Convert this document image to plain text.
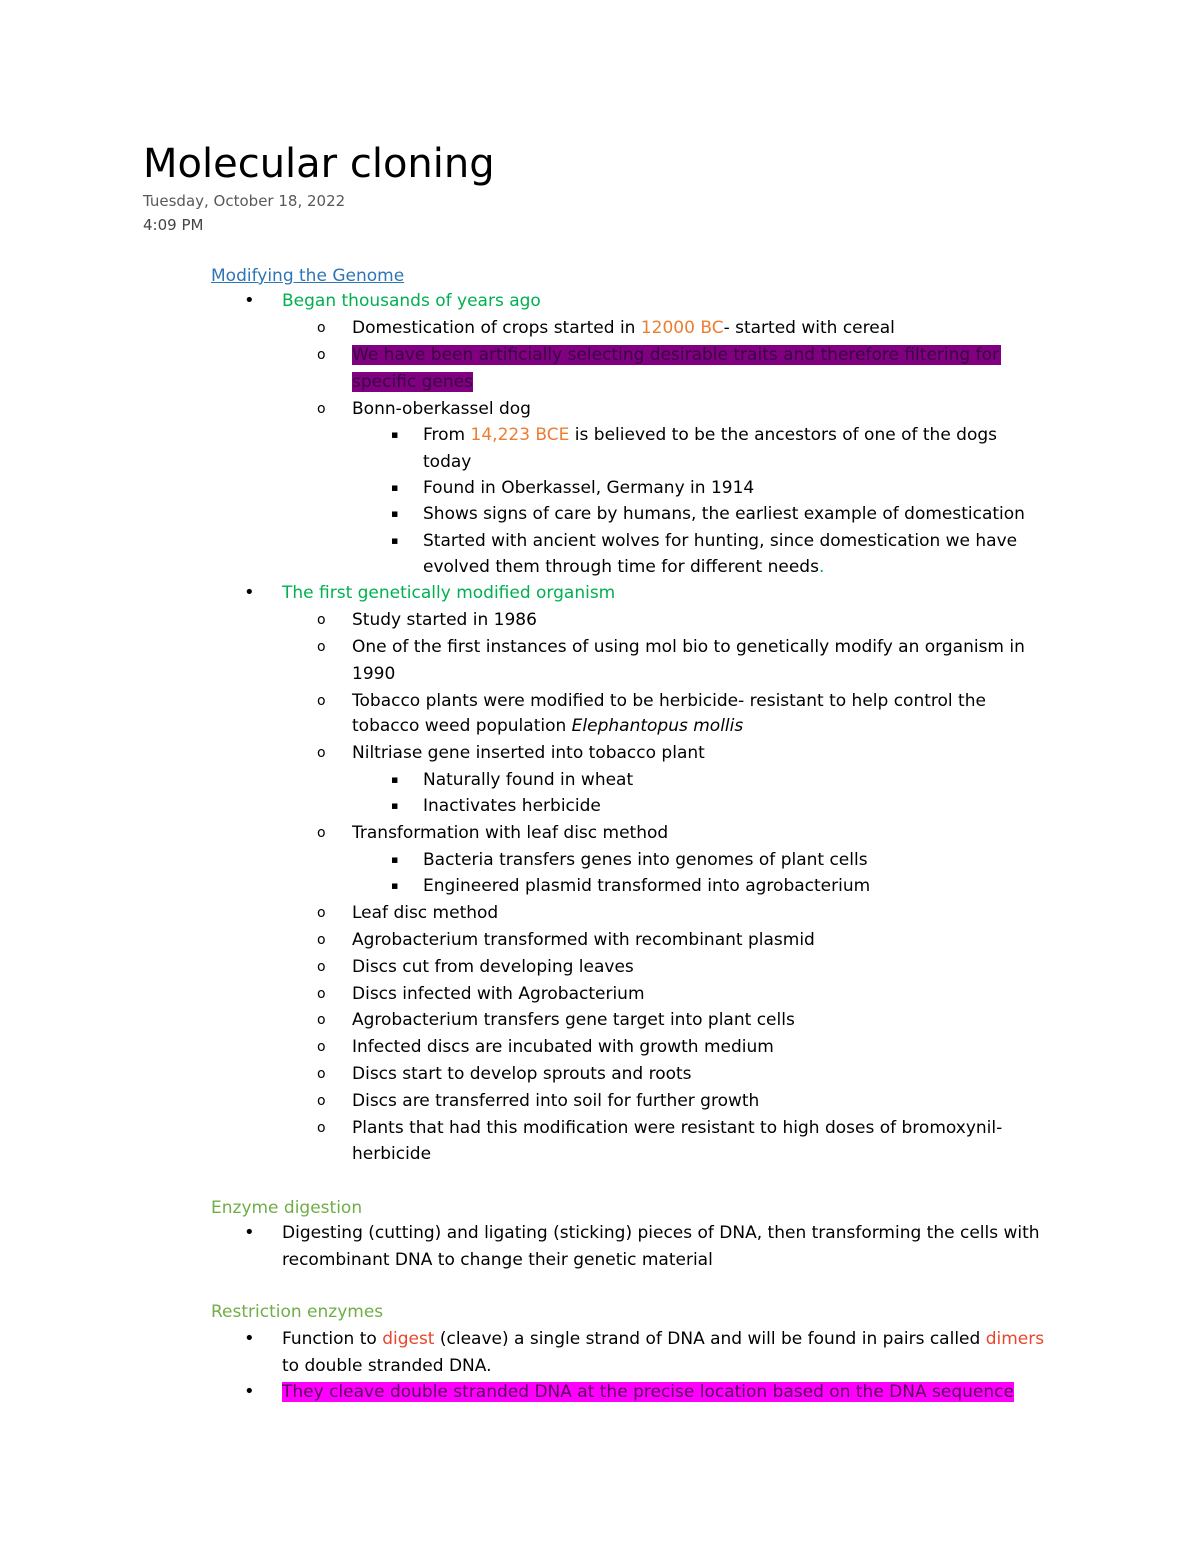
Molecular cloning
Tuesday, October 18, 2022
4:09 PM
Modifying the Genome
• Began thousands of years ago
o Domestication of crops started in 12000 BC- started with cereal
o We have been artificially selecting desirable traits and therefore filtering for
specific genes
o Bonn-oberkassel dog
▪ From 14,223 BCE is believed to be the ancestors of one of the dogs
today
▪ Found in Oberkassel, Germany in 1914
▪ Shows signs of care by humans, the earliest example of domestication
▪ Started with ancient wolves for hunting, since domestication we have
evolved them through time for different needs.
• The first genetically modified organism
o Study started in 1986
o One of the first instances of using mol bio to genetically modify an organism in
1990
o Tobacco plants were modified to be herbicide- resistant to help control the
tobacco weed population Elephantopus mollis
o Niltriase gene inserted into tobacco plant
▪ Naturally found in wheat
▪ Inactivates herbicide
o Transformation with leaf disc method
▪ Bacteria transfers genes into genomes of plant cells
▪ Engineered plasmid transformed into agrobacterium
o Leaf disc method
o Agrobacterium transformed with recombinant plasmid
o Discs cut from developing leaves
o Discs infected with Agrobacterium
o Agrobacterium transfers gene target into plant cells
o Infected discs are incubated with growth medium
o Discs start to develop sprouts and roots
o Discs are transferred into soil for further growth
o Plants that had this modification were resistant to high doses of bromoxynil-
herbicide
Enzyme digestion
• Digesting (cutting) and ligating (sticking) pieces of DNA, then transforming the cells with
recombinant DNA to change their genetic material
Restriction enzymes
• Function to digest (cleave) a single strand of DNA and will be found in pairs called dimers
to double stranded DNA.
• They cleave double stranded DNA at the precise location based on the DNA sequence
